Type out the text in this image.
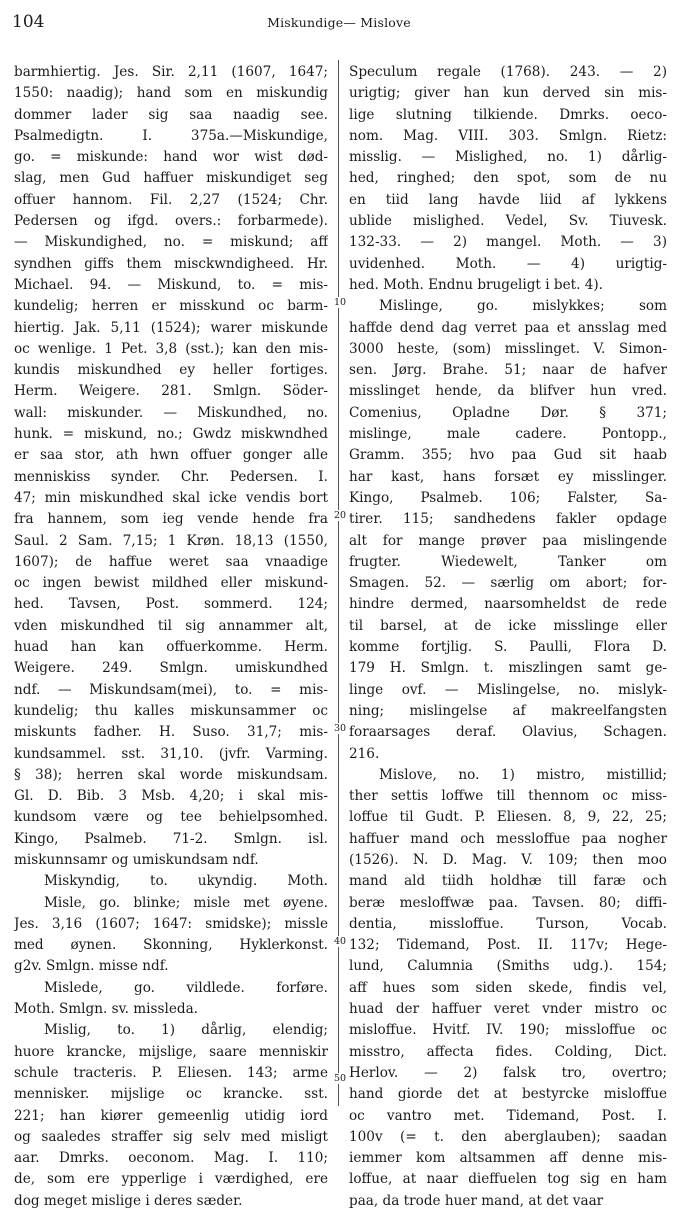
104	Miskundige— Mislove
barmhiertig. Jes. Sir. 2,11 (1607, 1647;
1550: naadig); hand som en miskundig
dommer lader sig saa naadig see.
Psalmedigtn. I. 375a.—Miskundige,
go. = miskunde: hand wor wist død-
slag, men Gud haffuer miskundiget seg
offuer hannom. Fil. 2,27 (1524; Chr.
Pedersen og ifgd. overs.: forbarmede).
— Miskundighed, no. = miskund; aff
syndhen giffs them misckwndigheed. Hr.
Michael. 94. — Miskund, to. = mis-
kundelig; herren er misskund oc barm-
hiertig. Jak. 5,11 (1524); warer miskunde
oc wenlige. 1 Pet. 3,8 (sst.); kan den mis-
kundis miskundhed ey heller fortiges.
Herm. Weigere. 281. Smlgn. Söder-
wall: miskunder. — Miskundhed, no.
hunk. = miskund, no.; Gwdz miskwndhed
er saa stor, ath hwn offuer gonger alle
menniskiss synder. Chr. Pedersen. I.
47; min miskundhed skal icke vendis bort
fra hannem, som ieg vende hende fra
Saul. 2 Sam. 7,15; 1 Krøn. 18,13 (1550,
1607); de haffue weret saa vnaadige
oc ingen bewist mildhed eller miskund-
hed. Tavsen, Post. sommerd. 124;
vden miskundhed til sig annammer alt,
huad han kan offuerkomme. Herm.
Weigere. 249. Smlgn. umiskundhed
ndf. — Miskundsam(mei), to. = mis-
kundelig; thu kalles miskunsammer oc
miskunts fadher. H. Suso. 31,7; mis-
kundsammel. sst. 31,10. (jvfr. Varming.
§ 38); herren skal worde miskundsam.
Gl. D. Bib. 3 Msb. 4,20; i skal mis-
kundsom være og tee behielpsomhed.
Kingo, Psalmeb. 71-2. Smlgn. isl.
miskunnsamr og umiskundsam ndf.
Miskyndig, to. ukyndig. Moth.
Misle, go. blinke; misle met øyene.
Jes. 3,16 (1607; 1647: smidske); missle
med øynen. Skonning, Hyklerkonst.
g2v. Smlgn. misse ndf.
Mislede, go. vildlede. forføre.
Moth. Smlgn. sv. missleda.
Mislig, to. 1) dårlig, elendig;
huore krancke, mijslige, saare menniskir
schule tracteris. P. Eliesen. 143; arme
mennisker. mijslige oc krancke. sst.
221; han kiører gemeenlig utidig iord
og saaledes straffer sig selv med misligt
aar. Dmrks. oeconom. Mag. I. 110;
de, som ere ypperlige i værdighed, ere
dog meget mislige i deres sæder.
Speculum regale (1768). 243. — 2)
urigtig; giver han kun derved sin mis-
lige slutning tilkiende. Dmrks. oeco-
nom. Mag. VIII. 303. Smlgn. Rietz:
misslig. — Mislighed, no. 1) dårlig-
hed, ringhed; den spot, som de nu
en tiid lang havde liid af lykkens
ublide mislighed. Vedel, Sv. Tiuvesk.
132-33. — 2) mangel. Moth. — 3)
uvidenhed. Moth. — 4) urigtig-
hed. Moth. Endnu brugeligt i bet. 4).
Mislinge, go. mislykkes; som
haffde dend dag verret paa et ansslag med
3000 heste, (som) misslinget. V. Simon-
sen. Jørg. Brahe. 51; naar de hafver
misslinget hende, da blifver hun vred.
Comenius, Opladne Dør. § 371;
mislinge, male cadere. Pontopp.,
Gramm. 355; hvo paa Gud sit haab
har kast, hans forsæt ey misslinger.
Kingo, Psalmeb. 106; Falster, Sa-
tirer. 115; sandhedens fakler opdage
alt for mange prøver paa mislingende
frugter. Wiedewelt, Tanker om
Smagen. 52. — særlig om abort; for-
hindre dermed, naarsomheldst de rede
til barsel, at de icke misslinge eller
komme fortjlig. S. Paulli, Flora D.
179 H. Smlgn. t. miszlingen samt ge-
linge ovf. — Mislingelse, no. mislyk-
ning; mislingelse af makreelfangsten
foraarsages deraf. Olavius, Schagen.
216.
Mislove, no. 1) mistro, mistillid;
ther settis loffwe till thennom oc miss-
loffue til Gudt. P. Eliesen. 8, 9, 22, 25;
haffuer mand och messloffue paa nogher
(1526). N. D. Mag. V. 109; then moo
mand ald tiidh holdhæ till faræ och
beræ mesloffwæ paa. Tavsen. 80; diffi-
dentia, missloffue. Turson, Vocab.
132; Tidemand, Post. II. 117v; Hege-
lund, Calumnia (Smiths udg.). 154;
aff hues som siden skede, findis vel,
huad der haffuer veret vnder mistro oc
misloffue. Hvitf. IV. 190; missloffue oc
misstro, affecta fides. Colding, Dict.
Herlov. — 2) falsk tro, overtro;
hand giorde det at bestyrcke misloffue
oc vantro met. Tidemand, Post. I.
100v (= t. den aberglauben); saadan
iemmer kom altsammen aff denne mis-
loffue, at naar dieffuelen tog sig en ham
paa, da trode huer mand, at det vaar
10
20
30
40
50
